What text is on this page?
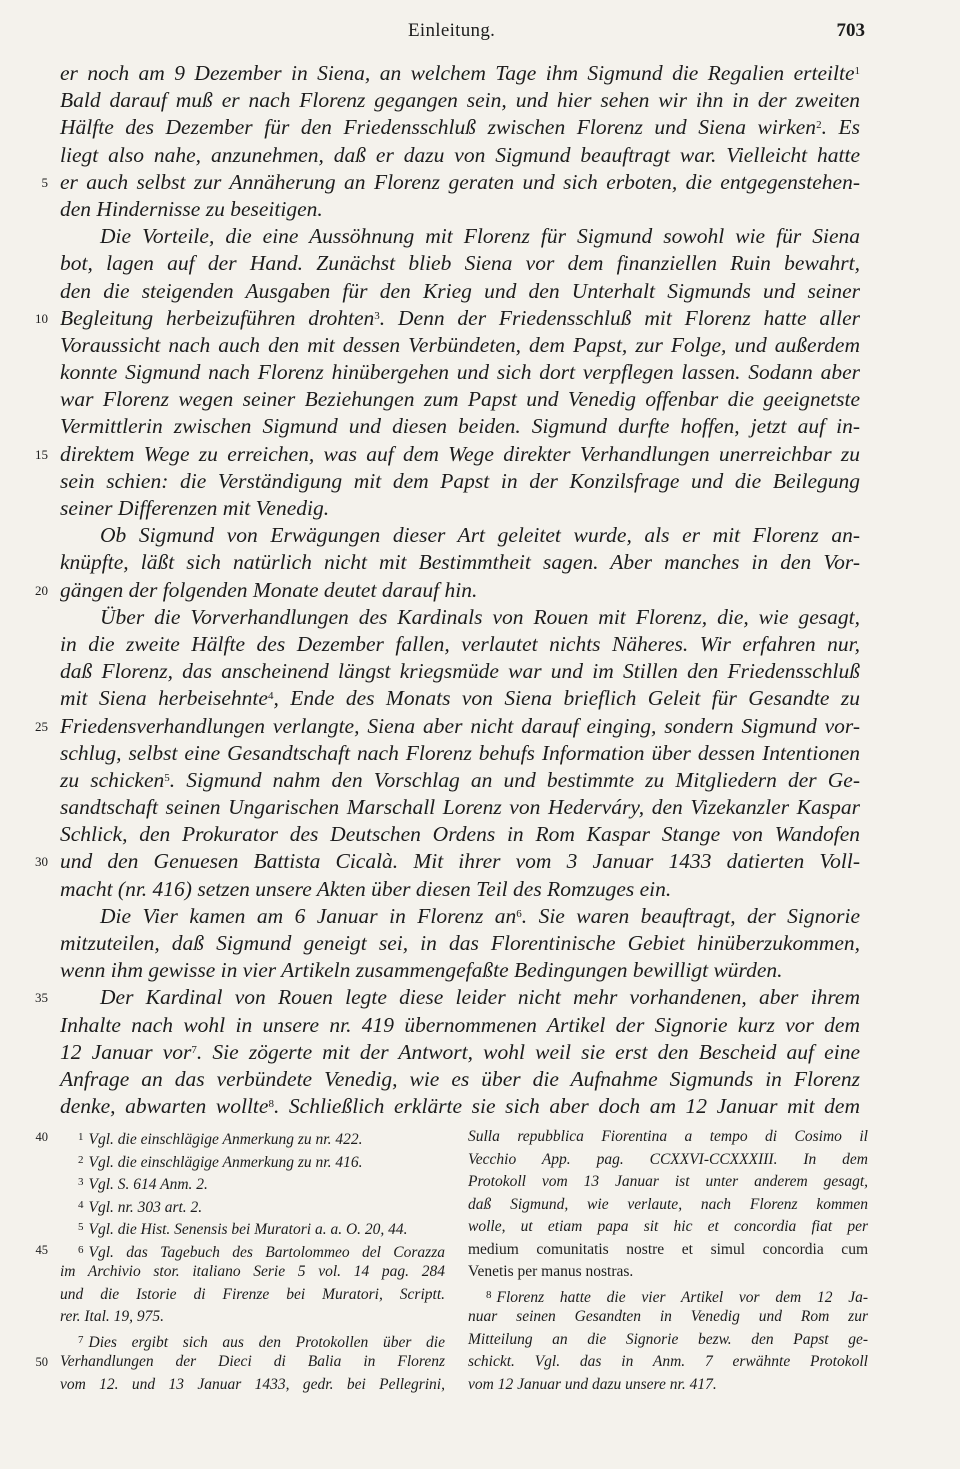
Einleitung.	703
er noch am 9 Dezember in Siena, an welchem Tage ihm Sigmund die Regalien erteilte$^1$
Bald darauf muß er nach Florenz gegangen sein, und hier sehen wir ihn in der zweiten
Hälfte des Dezember für den Friedensschluß zwischen Florenz und Siena wirken$^2$. Es
liegt also nahe, anzunehmen, daß er dazu von Sigmund beauftragt war. Vielleicht hatte
5 er auch selbst zur Annäherung an Florenz geraten und sich erboten, die entgegenstehen-
den Hindernisse zu beseitigen.
Die Vorteile, die eine Aussöhnung mit Florenz für Sigmund sowohl wie für Siena
bot, lagen auf der Hand. Zunächst blieb Siena vor dem finanziellen Ruin bewahrt,
den die steigenden Ausgaben für den Krieg und den Unterhalt Sigmunds und seiner
10 Begleitung herbeizuführen drohten$^3$. Denn der Friedensschluß mit Florenz hatte aller
Voraussicht nach auch den mit dessen Verbündeten, dem Papst, zur Folge, und außerdem
konnte Sigmund nach Florenz hinübergehen und sich dort verpflegen lassen. Sodann aber
war Florenz wegen seiner Beziehungen zum Papst und Venedig offenbar die geeignetste
Vermittlerin zwischen Sigmund und diesen beiden. Sigmund durfte hoffen, jetzt auf in-
15 direktem Wege zu erreichen, was auf dem Wege direkter Verhandlungen unerreichbar zu
sein schien: die Verständigung mit dem Papst in der Konzilsfrage und die Beilegung
seiner Differenzen mit Venedig.
Ob Sigmund von Erwägungen dieser Art geleitet wurde, als er mit Florenz an-
knüpfte, läßt sich natürlich nicht mit Bestimmtheit sagen. Aber manches in den Vor-
20 gängen der folgenden Monate deutet darauf hin.
Über die Vorverhandlungen des Kardinals von Rouen mit Florenz, die, wie gesagt,
in die zweite Hälfte des Dezember fallen, verlautet nichts Näheres. Wir erfahren nur,
daß Florenz, das anscheinend längst kriegsmüde war und im Stillen den Friedensschluß
mit Siena herbeisehnte$^4$, Ende des Monats von Siena brieflich Geleit für Gesandte zu
25 Friedensverhandlungen verlangte, Siena aber nicht darauf einging, sondern Sigmund vor-
schlug, selbst eine Gesandtschaft nach Florenz behufs Information über dessen Intentionen
zu schicken$^5$. Sigmund nahm den Vorschlag an und bestimmte zu Mitgliedern der Ge-
sandtschaft seinen Ungarischen Marschall Lorenz von Hederváry, den Vizekanzler Kaspar
Schlick, den Prokurator des Deutschen Ordens in Rom Kaspar Stange von Wandofen
30 und den Genuesen Battista Cicalà. Mit ihrer vom 3 Januar 1433 datierten Voll-
macht (nr. 416) setzen unsere Akten über diesen Teil des Romzuges ein.
Die Vier kamen am 6 Januar in Florenz $an^6$. Sie waren beauftragt, der Signorie
mitzuteilen, daß Sigmund geneigt sei, in das Florentinische Gebiet hinüberzukommen,
wenn ihm gewisse in vier Artikeln zusammengefaßte Bedingungen bewilligt würden.
35	Der Kardinal von Rouen legte diese leider nicht mehr vorhandenen, aber ihrem
Inhalte nach wohl in unsere nr. 419 übernommenen Artikel der Signorie kurz vor dem
12 Januar vor$^7$. Sie zögerte mit der Antwort, wohl weil sie erst den Bescheid auf eine
Anfrage an das verbündete Venedig, wie es über die Aufnahme Sigmunds in Florenz
denke, abwarten wollte$^8$. Schließlich erklärte sie sich aber doch am 12 Januar mit dem
40	$^1$ Vgl. die einschlägige Anmerkung zu nr. 422.
$^2$ Vgl. die einschlägige Anmerkung zu nr. 416.
$^3$ Vgl. S. 614 Anm. 2.
$^4$ Vgl. nr. 303 art. 2.
$^5$ Vgl. die Hist. Senensis bei Muratori a. a. O. 20, 44.
45	$^6$ Vgl. das Tagebuch des Bartolommeo del Corazza
im Archivio stor. italiano Serie 5 vol. 14 pag. 284
und die Istorie di Firenze bei Muratori, Scriptt.
rer. Ital. 19, 975.
$^7$ Dies ergibt sich aus den Protokollen über die
50 Verhandlungen der Dieci di Balia in Florenz
vom 12. und 13 Januar 1433, gedr. bei Pellegrini,
Sulla repubblica Fiorentina a tempo di Cosimo il
Vecchio App. pag. CCXXVI-CCXXXIII. In dem
Protokoll vom 13 Januar ist unter anderem gesagt,
daß Sigmund, wie verlaute, nach Florenz kommen
wolle, ut etiam papa sit hic et concordia fiat per
medium comunitatis nostre et simul concordia cum
Venetis per manus nostras.
$^8$ Florenz hatte die vier Artikel vor dem 12 Ja-
nuar seinen Gesandten in Venedig und Rom zur
Mitteilung an die Signorie bezw. den Papst ge-
schickt. Vgl. das in Anm. 7 erwähnte Protokoll
vom 12 Januar und dazu unsere nr. 417.
